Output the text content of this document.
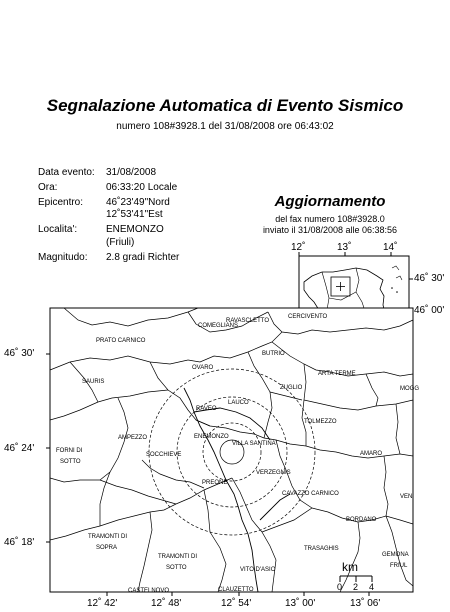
Segnalazione Automatica di Evento Sismico
numero 108#3928.1 del 31/08/2008 ore 06:43:02
Data evento: 31/08/2008
Ora:	06:33:20 Locale
Epicentro: 46˚23'49"Nord
12˚53'41"Est
Localita':	ENEMONZO
(Friuli)
Magnitudo: 2.8 gradi Richter
Aggiornamento
del fax numero 108#3928.0
inviato il 31/08/2008 alle 06:38:56
12˚	13˚	14˚
46˚ 30'
46˚ 00'
46˚ 30'
46˚ 24'
46˚ 18'
12˚ 42'	12˚ 48'	12˚ 54'	13˚ 00'	13˚ 06'
km
0 2 4
RAVASCLETTO
CERCIVENTO
COMEGLIANS
PRATO CARNICO
BUTRIO
OVARO
ARTA TERME
MOGG
SAURIS
ZUGLIO
RAVEO
LAUCO
TOLMEZZO
ENEMONZO
VILLA SANTINA
AMPEZZO
SOCCHIEVE	AMARO
FORNI DI
SOTTO
VERZEGNIS
PREONE
CAVAZZO CARNICO	VEN
BORDANO
TRAMONTI DI
SOPRA
TRAMONTI DI
SOTTO
TRASAGHIS
GEMONA
FRIUL
VITO D'ASIO
CLAUZETTO
CASTELNOVO
